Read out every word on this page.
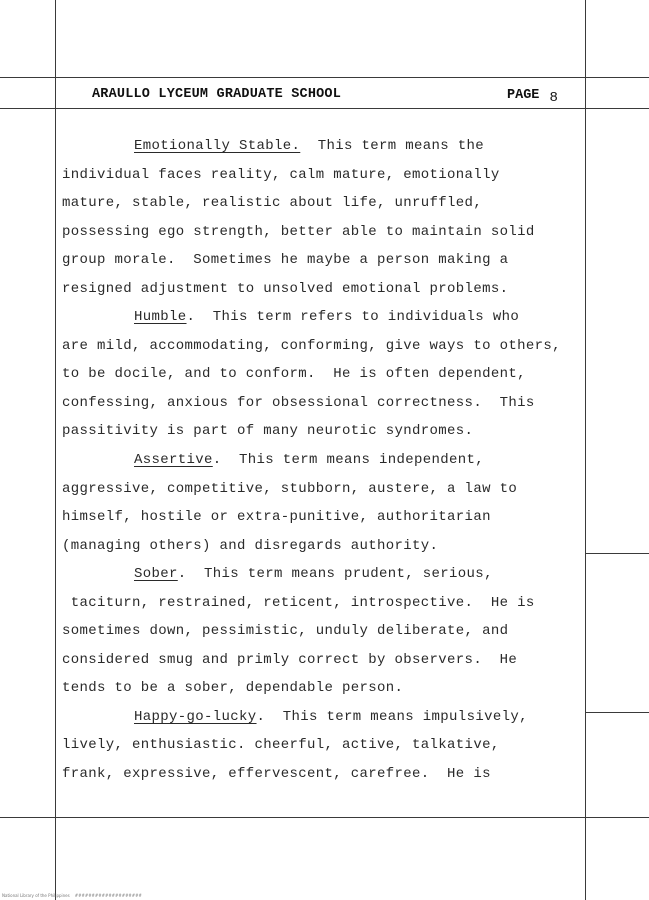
ARAULLO LYCEUM GRADUATE SCHOOL	PAGE 8
Emotionally Stable.  This term means the
individual faces reality, calm mature, emotionally
mature, stable, realistic about life, unruffled,
possessing ego strength, better able to maintain solid
group morale.  Sometimes he maybe a person making a
resigned adjustment to unsolved emotional problems.
Humble.  This term refers to individuals who
are mild, accommodating, conforming, give ways to others,
to be docile, and to conform.  He is often dependent,
confessing, anxious for obsessional correctness.  This
passitivity is part of many neurotic syndromes.
Assertive.  This term means independent,
aggressive, competitive, stubborn, austere, a law to
himself, hostile or extra-punitive, authoritarian
(managing others) and disregards authority.
Sober.  This term means prudent, serious,
taciturn, restrained, reticent, introspective.  He is
sometimes down, pessimistic, unduly deliberate, and
considered smug and primly correct by observers.  He
tends to be a sober, dependable person.
Happy-go-lucky.  This term means impulsively,
lively, enthusiastic. cheerful, active, talkative,
frank, expressive, effervescent, carefree.  He is
National Library of the Philippines    ####################
